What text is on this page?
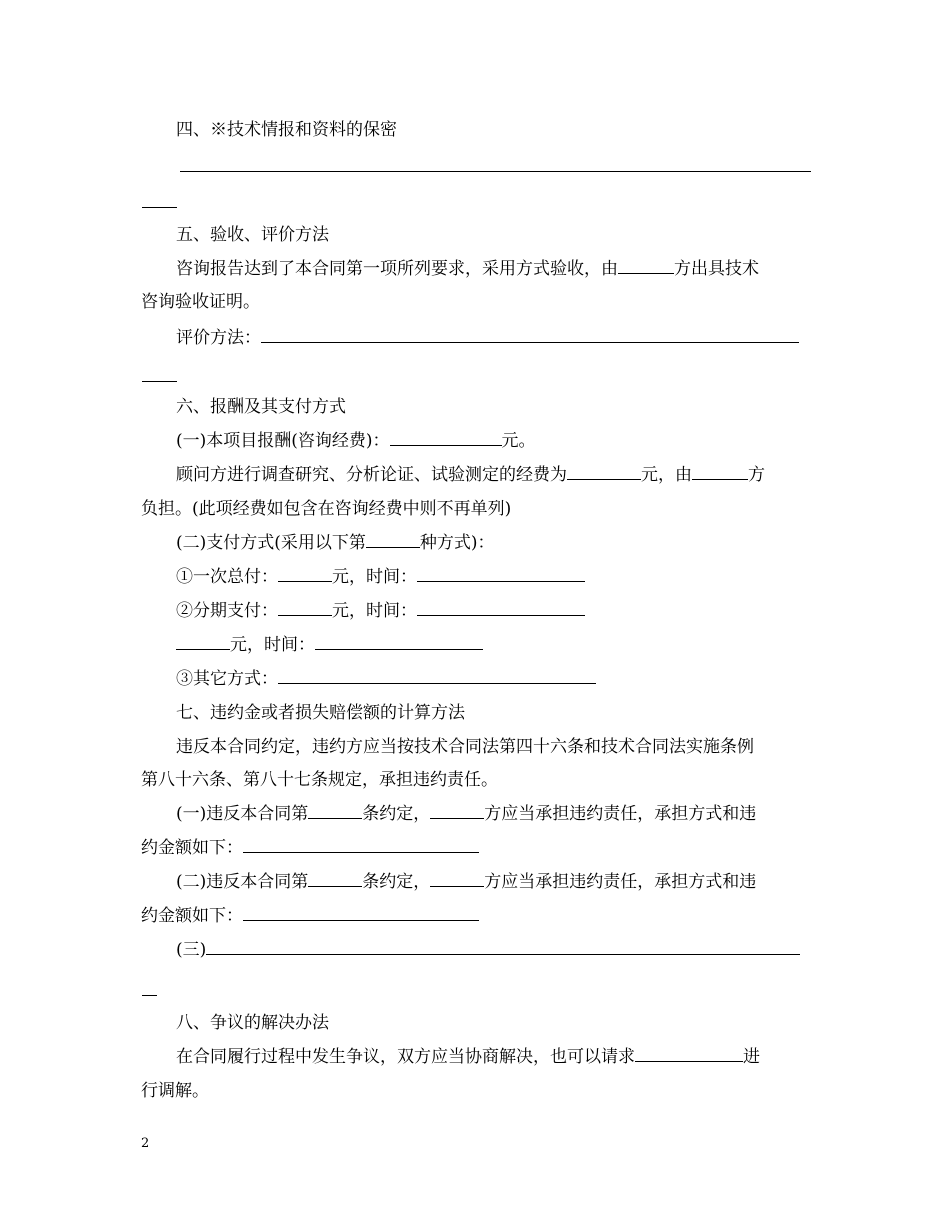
四、※技术情报和资料的保密
五、验收、评价方法
咨询报告达到了本合同第一项所列要求，采用方式验收，由	方出具技术
咨询验收证明。
评价方法：
六、报酬及其支付方式
(一)本项目报酬(咨询经费)：	元。
顾问方进行调查研究、分析论证、试验测定的经费为	元，由	方
负担。(此项经费如包含在咨询经费中则不再单列)
(二)支付方式(采用以下第	种方式)：
①一次总付：	元，时间：
②分期支付：	元，时间：
元，时间：
③其它方式：
七、违约金或者损失赔偿额的计算方法
违反本合同约定，违约方应当按技术合同法第四十六条和技术合同法实施条例
第八十六条、第八十七条规定，承担违约责任。
(一)违反本合同第	条约定，	方应当承担违约责任，承担方式和违
约金额如下：
(二)违反本合同第	条约定，	方应当承担违约责任，承担方式和违
约金额如下：
(三)
八、争议的解决办法
在合同履行过程中发生争议，双方应当协商解决，也可以请求	进
行调解。
2
